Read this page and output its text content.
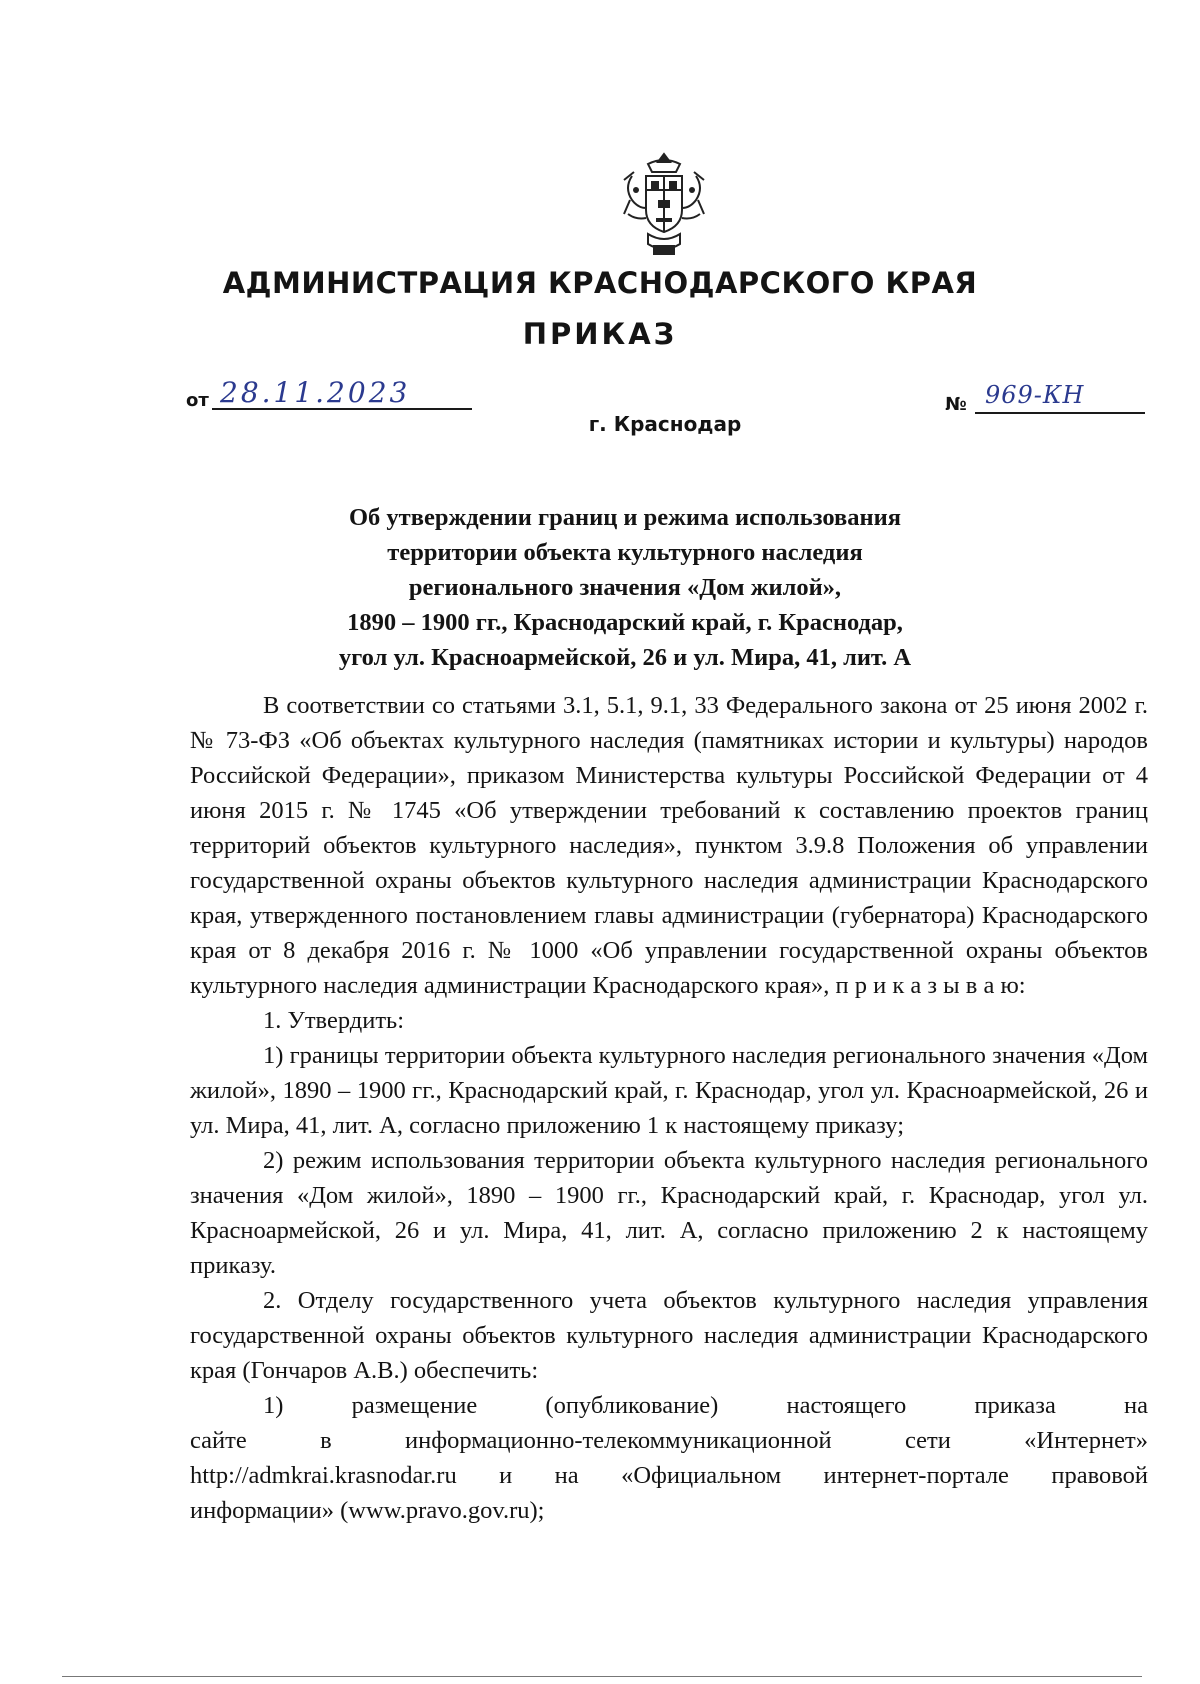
АДМИНИСТРАЦИЯ КРАСНОДАРСКОГО КРАЯ
ПРИКАЗ
от 28.11.2023	№ 969-КН
г. Краснодар
Об утверждении границ и режима использования
территории объекта культурного наследия
регионального значения «Дом жилой»,
1890 – 1900 гг., Краснодарский край, г. Краснодар,
угол ул. Красноармейской, 26 и ул. Мира, 41, лит. А

В соответствии со статьями 3.1, 5.1, 9.1, 33 Федерального закона от 25 июня 2002 г. № 73-ФЗ «Об объектах культурного наследия (памятниках истории и культуры) народов Российской Федерации», приказом Министерства культуры Российской Федерации от 4 июня 2015 г. № 1745 «Об утверждении требований к составлению проектов границ территорий объектов культурного наследия», пунктом 3.9.8 Положения об управлении государственной охраны объектов культурного наследия администрации Краснодарского края, утвержденного постановлением главы администрации (губернатора) Краснодарского края от 8 декабря 2016 г. № 1000 «Об управлении государственной охраны объектов культурного наследия администрации Краснодарского края», п р и к а з ы в а ю:

1. Утвердить:

1) границы территории объекта культурного наследия регионального значения «Дом жилой», 1890 – 1900 гг., Краснодарский край, г. Краснодар, угол ул. Красноармейской, 26 и ул. Мира, 41, лит. А, согласно приложению 1 к настоящему приказу;

2) режим использования территории объекта культурного наследия регионального значения «Дом жилой», 1890 – 1900 гг., Краснодарский край, г. Краснодар, угол ул. Красноармейской, 26 и ул. Мира, 41, лит. А, согласно приложению 2 к настоящему приказу.

2. Отделу государственного учета объектов культурного наследия управления государственной охраны объектов культурного наследия администрации Краснодарского края (Гончаров А.В.) обеспечить:

1) размещение (опубликование) настоящего приказа на
сайте в информационно-телекоммуникационной сети «Интернет»
http://admkrai.krasnodar.ru и на «Официальном интернет-портале правовой
информации» (www.pravo.gov.ru);
